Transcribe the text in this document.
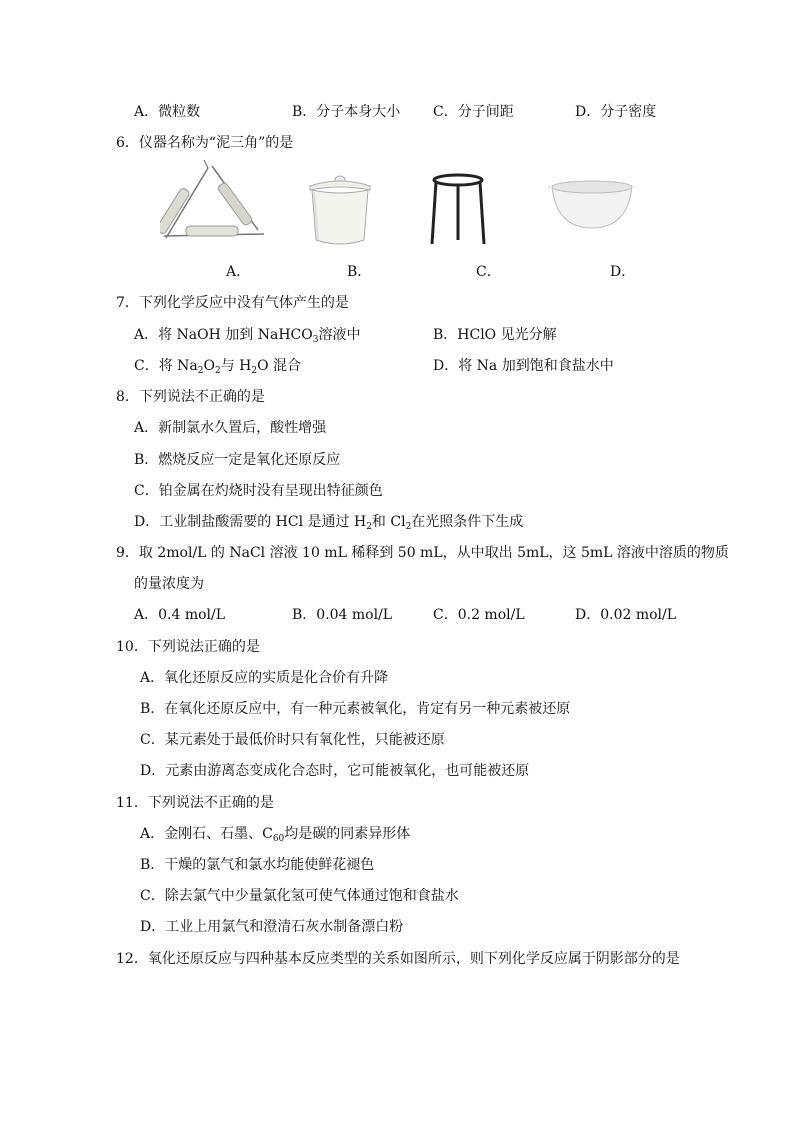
A．微粒数	B．分子本身大小 C．分子间距	D．分子密度
6．仪器名称为“泥三角”的是
A．	B．	C．	D．
7．下列化学反应中没有气体产生的是
A．将 NaOH 加到 NaHCO$_3$溶液中	B．HClO 见光分解
C．将 $Na_2O_2$与 $H_2O$ 混合	D．将 Na 加到饱和食盐水中
8．下列说法不正确的是
A．新制氯水久置后，酸性增强
B．燃烧反应一定是氧化还原反应
C．铂金属在灼烧时没有呈现出特征颜色
D．工业制盐酸需要的 HCl 是通过 $H_2$和 $Cl_2$在光照条件下生成
9．取 2mol/L 的 NaCl 溶液 10 mL 稀释到 50 mL，从中取出 5mL，这 5mL 溶液中溶质的物质
的量浓度为
A．0.4 mol/L	B．0.04 mol/L	C．0.2 mol/L	D．0.02 mol/L
10．下列说法正确的是
A．氧化还原反应的实质是化合价有升降
B．在氧化还原反应中，有一种元素被氧化，肯定有另一种元素被还原
C．某元素处于最低价时只有氧化性，只能被还原
D．元素由游离态变成化合态时，它可能被氧化，也可能被还原
11．下列说法不正确的是
A．金刚石、石墨、$C_{60}$均是碳的同素异形体
B．干燥的氯气和氯水均能使鲜花褪色
C．除去氯气中少量氯化氢可使气体通过饱和食盐水
D．工业上用氯气和澄清石灰水制备漂白粉
12．氧化还原反应与四种基本反应类型的关系如图所示，则下列化学反应属于阴影部分的是
